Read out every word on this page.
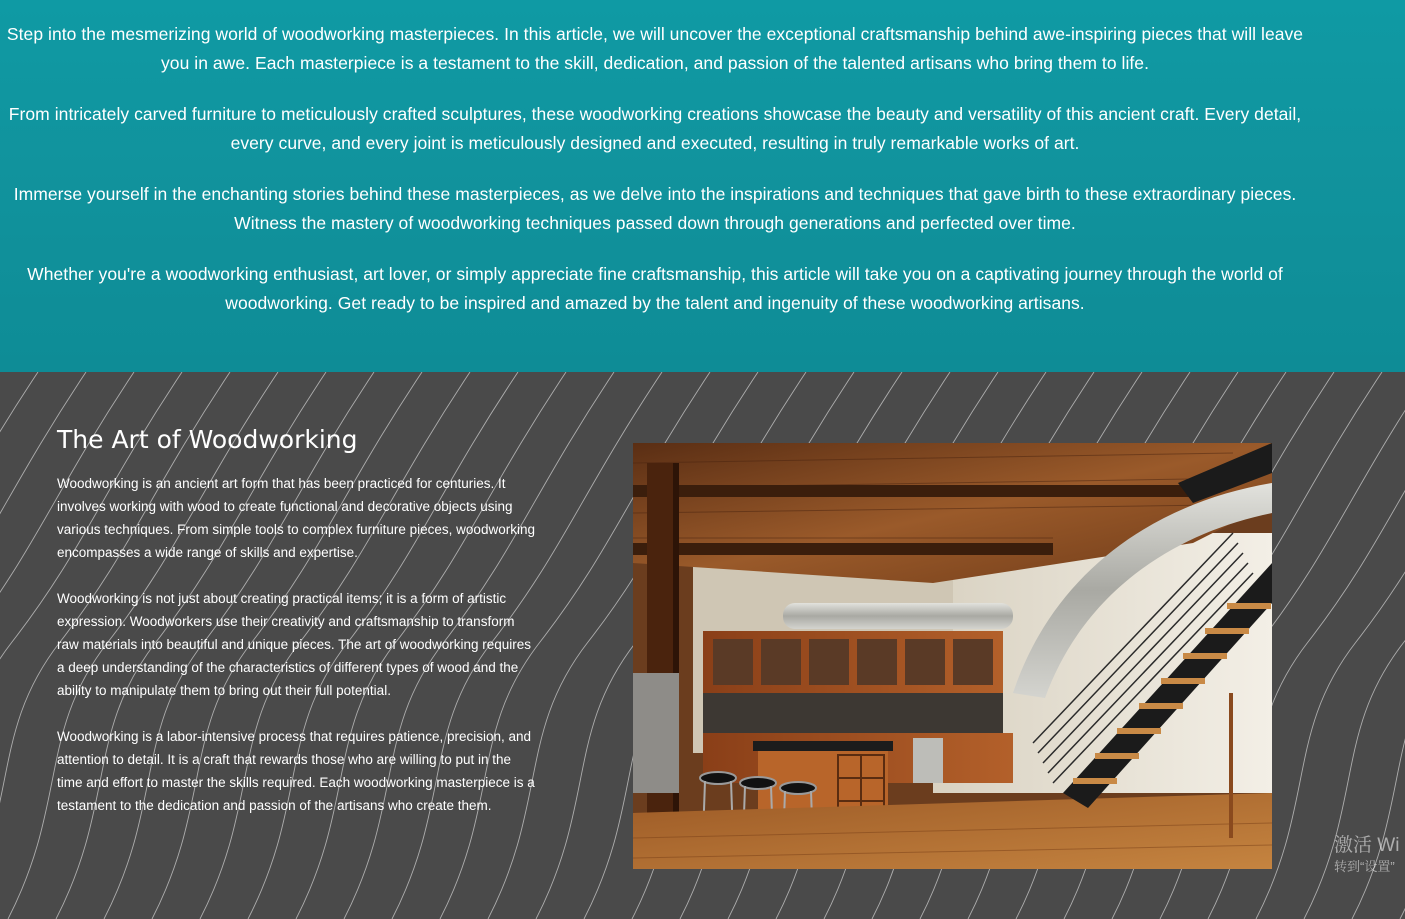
Step into the mesmerizing world of woodworking masterpieces. In this article, we will uncover the exceptional craftsmanship behind awe-inspiring pieces that will leave you in awe. Each masterpiece is a testament to the skill, dedication, and passion of the talented artisans who bring them to life.

From intricately carved furniture to meticulously crafted sculptures, these woodworking creations showcase the beauty and versatility of this ancient craft. Every detail, every curve, and every joint is meticulously designed and executed, resulting in truly remarkable works of art.

Immerse yourself in the enchanting stories behind these masterpieces, as we delve into the inspirations and techniques that gave birth to these extraordinary pieces. Witness the mastery of woodworking techniques passed down through generations and perfected over time.

Whether you're a woodworking enthusiast, art lover, or simply appreciate fine craftsmanship, this article will take you on a captivating journey through the world of woodworking. Get ready to be inspired and amazed by the talent and ingenuity of these woodworking artisans.

The Art of Woodworking

Woodworking is an ancient art form that has been practiced for centuries. It involves working with wood to create functional and decorative objects using various techniques. From simple tools to complex furniture pieces, woodworking encompasses a wide range of skills and expertise.

Woodworking is not just about creating practical items; it is a form of artistic expression. Woodworkers use their creativity and craftsmanship to transform raw materials into beautiful and unique pieces. The art of woodworking requires a deep understanding of the characteristics of different types of wood and the ability to manipulate them to bring out their full potential.

Woodworking is a labor-intensive process that requires patience, precision, and attention to detail. It is a craft that rewards those who are willing to put in the time and effort to master the skills required. Each woodworking masterpiece is a testament to the dedication and passion of the artisans who create them.

激活 Wi
转到“设置”
